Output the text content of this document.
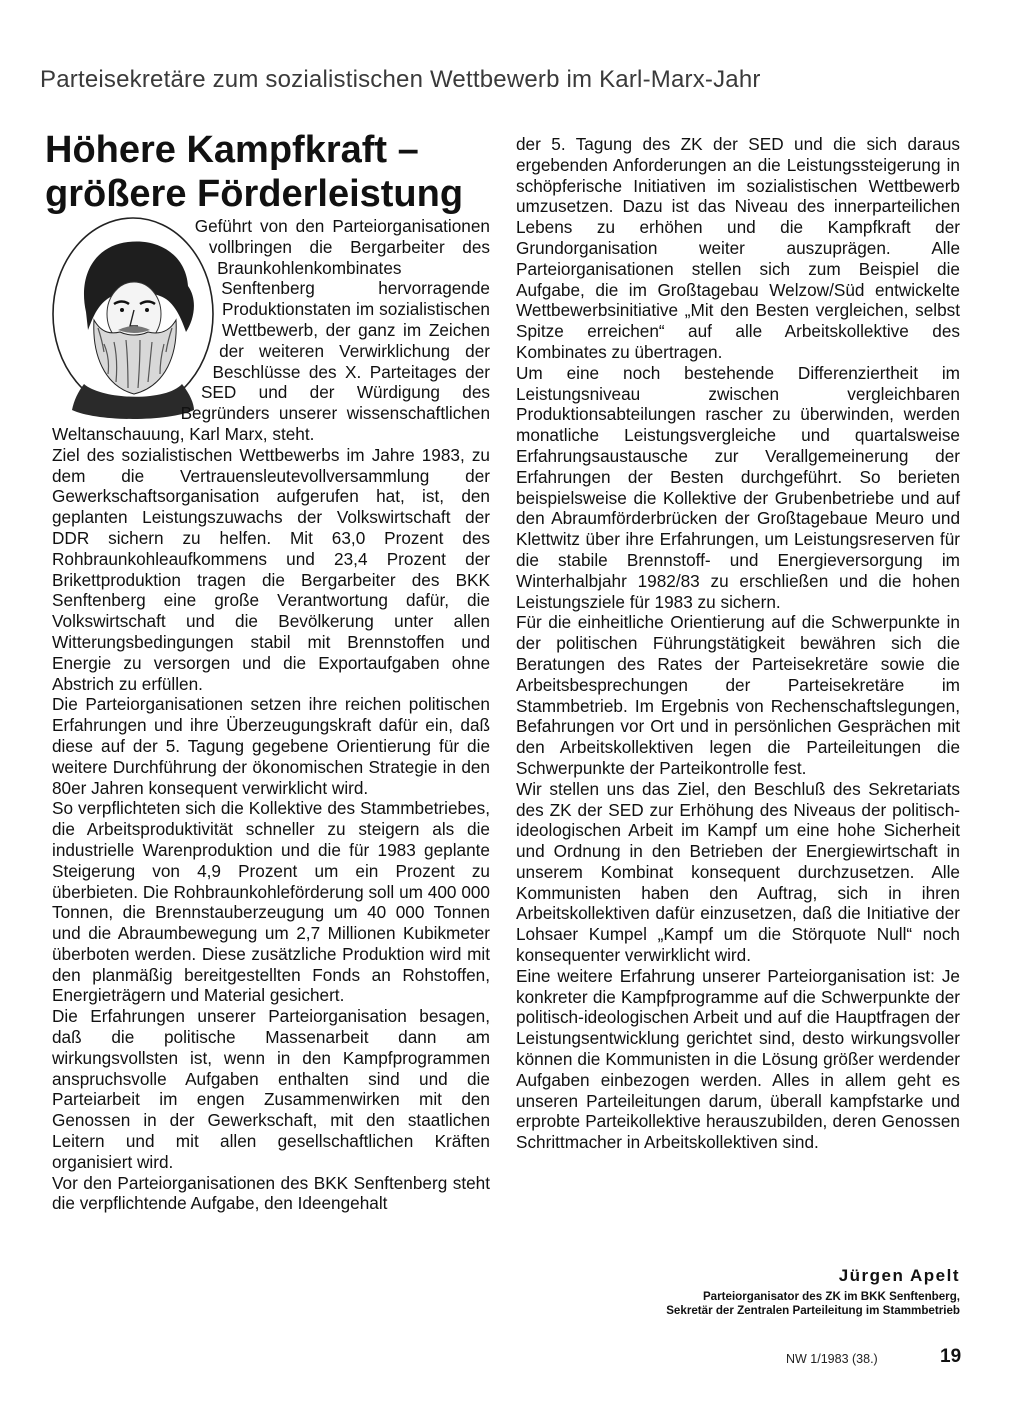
Parteisekretäre zum sozialistischen Wettbewerb im Karl-Marx-Jahr
Höhere Kampfkraft –
größere Förderleistung

Geführt von den Parteiorganisationen vollbringen die Bergarbeiter des Braunkohlenkombinates Senftenberg hervorragende Produktionstaten im sozialistischen Wettbewerb, der ganz im Zeichen der weiteren Verwirklichung der Beschlüsse des X. Parteitages der SED und der Würdigung des Begründers unserer wissenschaftlichen Weltanschauung, Karl Marx, steht.

Ziel des sozialistischen Wettbewerbs im Jahre 1983, zu dem die Vertrauensleutevollversammlung der Gewerkschaftsorganisation aufgerufen hat, ist, den geplanten Leistungszuwachs der Volkswirtschaft der DDR sichern zu helfen. Mit 63,0 Prozent des Rohbraunkohleaufkommens und 23,4 Prozent der Brikettproduktion tragen die Bergarbeiter des BKK Senftenberg eine große Verantwortung dafür, die Volkswirtschaft und die Bevölkerung unter allen Witterungsbedingungen stabil mit Brennstoffen und Energie zu versorgen und die Exportaufgaben ohne Abstrich zu erfüllen.

Die Parteiorganisationen setzen ihre reichen politischen Erfahrungen und ihre Überzeugungskraft dafür ein, daß diese auf der 5. Tagung gegebene Orientierung für die weitere Durchführung der ökonomischen Strategie in den 80er Jahren konsequent verwirklicht wird.

So verpflichteten sich die Kollektive des Stammbetriebes, die Arbeitsproduktivität schneller zu steigern als die industrielle Warenproduktion und die für 1983 geplante Steigerung von 4,9 Prozent um ein Prozent zu überbieten. Die Rohbraunkohleförderung soll um 400 000 Tonnen, die Brennstauberzeugung um 40 000 Tonnen und die Abraumbewegung um 2,7 Millionen Kubikmeter überboten werden. Diese zusätzliche Produktion wird mit den planmäßig bereitgestellten Fonds an Rohstoffen, Energieträgern und Material gesichert.

Die Erfahrungen unserer Parteiorganisation besagen, daß die politische Massenarbeit dann am wirkungsvollsten ist, wenn in den Kampfprogrammen anspruchsvolle Aufgaben enthalten sind und die Parteiarbeit im engen Zusammenwirken mit den Genossen in der Gewerkschaft, mit den staatlichen Leitern und mit allen gesellschaftlichen Kräften organisiert wird.

Vor den Parteiorganisationen des BKK Senftenberg steht die verpflichtende Aufgabe, den Ideengehalt

der 5. Tagung des ZK der SED und die sich daraus ergebenden Anforderungen an die Leistungssteigerung in schöpferische Initiativen im sozialistischen Wettbewerb umzusetzen. Dazu ist das Niveau des innerparteilichen Lebens zu erhöhen und die Kampfkraft der Grundorganisation weiter auszuprägen. Alle Parteiorganisationen stellen sich zum Beispiel die Aufgabe, die im Großtagebau Welzow/Süd entwickelte Wettbewerbsinitiative „Mit den Besten vergleichen, selbst Spitze erreichen“ auf alle Arbeitskollektive des Kombinates zu übertragen.

Um eine noch bestehende Differenziertheit im Leistungsniveau zwischen vergleichbaren Produktionsabteilungen rascher zu überwinden, werden monatliche Leistungsvergleiche und quartalsweise Erfahrungsaustausche zur Verallgemeinerung der Erfahrungen der Besten durchgeführt. So berieten beispielsweise die Kollektive der Grubenbetriebe und auf den Abraumförderbrücken der Großtagebaue Meuro und Klettwitz über ihre Erfahrungen, um Leistungsreserven für die stabile Brennstoff- und Energieversorgung im Winterhalbjahr 1982/83 zu erschließen und die hohen Leistungsziele für 1983 zu sichern.

Für die einheitliche Orientierung auf die Schwerpunkte in der politischen Führungstätigkeit bewähren sich die Beratungen des Rates der Parteisekretäre sowie die Arbeitsbesprechungen der Parteisekretäre im Stammbetrieb. Im Ergebnis von Rechenschaftslegungen, Befahrungen vor Ort und in persönlichen Gesprächen mit den Arbeitskollektiven legen die Parteileitungen die Schwerpunkte der Parteikontrolle fest.

Wir stellen uns das Ziel, den Beschluß des Sekretariats des ZK der SED zur Erhöhung des Niveaus der politisch-ideologischen Arbeit im Kampf um eine hohe Sicherheit und Ordnung in den Betrieben der Energiewirtschaft in unserem Kombinat konsequent durchzusetzen. Alle Kommunisten haben den Auftrag, sich in ihren Arbeitskollektiven dafür einzusetzen, daß die Initiative der Lohsaer Kumpel „Kampf um die Störquote Null“ noch konsequenter verwirklicht wird.

Eine weitere Erfahrung unserer Parteiorganisation ist: Je konkreter die Kampfprogramme auf die Schwerpunkte der politisch-ideologischen Arbeit und auf die Hauptfragen der Leistungsentwicklung gerichtet sind, desto wirkungsvoller können die Kommunisten in die Lösung größer werdender Aufgaben einbezogen werden. Alles in allem geht es unseren Parteileitungen darum, überall kampfstarke und erprobte Parteikollektive herauszubilden, deren Genossen Schrittmacher in Arbeitskollektiven sind.

Jürgen Apelt
Parteiorganisator des ZK im BKK Senftenberg,
Sekretär der Zentralen Parteileitung im Stammbetrieb
NW 1/1983 (38.)	19
